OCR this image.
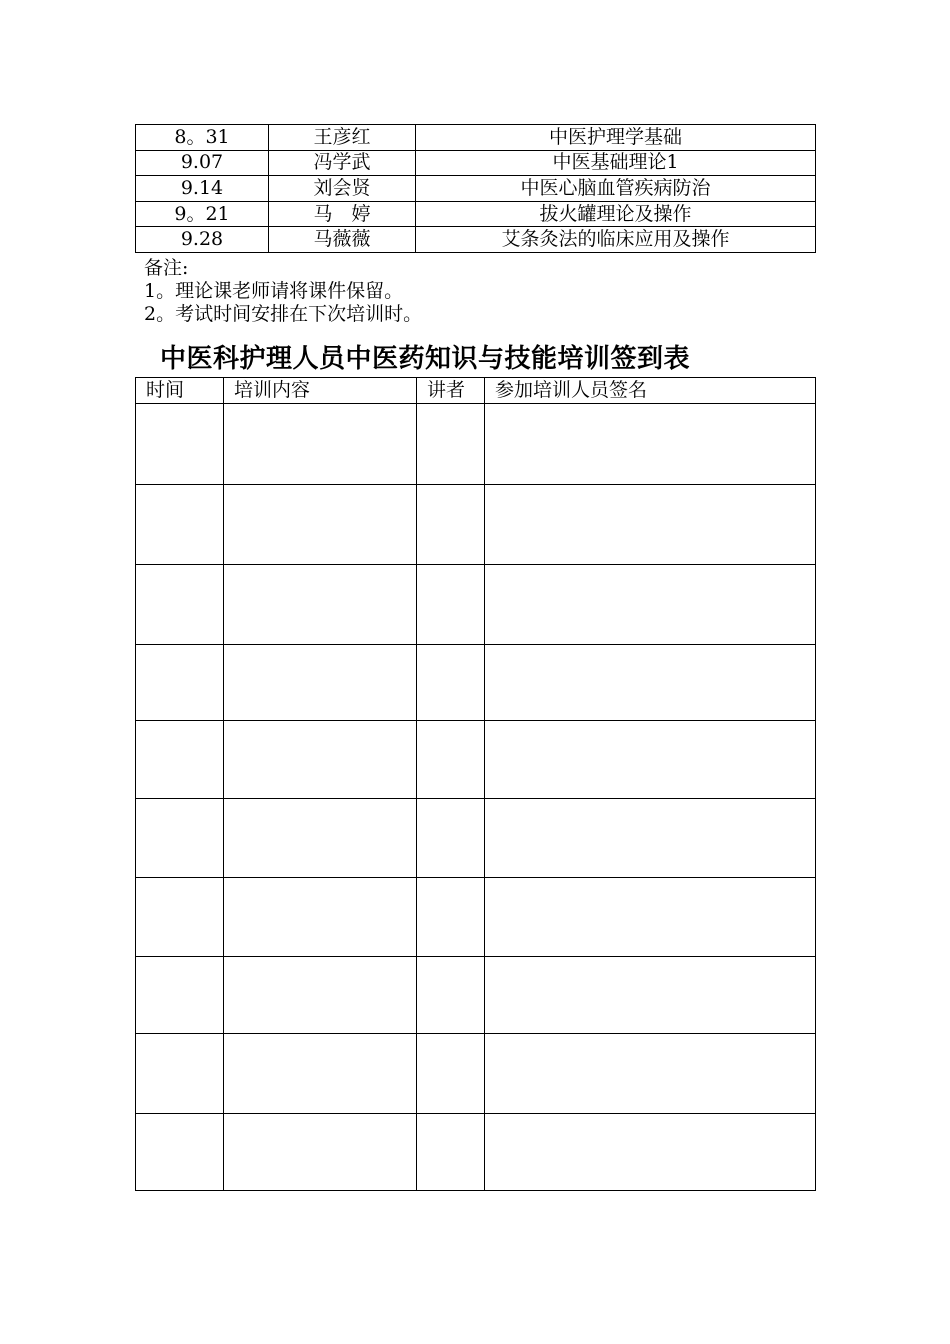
8。31	王彦红	中医护理学基础
9.07	冯学武	中医基础理论1
9.14	刘会贤	中医心脑血管疾病防治
9。21	马　婷	拔火罐理论及操作
9.28	马薇薇	艾条灸法的临床应用及操作
备注:
1。理论课老师请将课件保留。
2。考试时间安排在下次培训时。
中医科护理人员中医药知识与技能培训签到表
时间	培训内容	讲者	参加培训人员签名
